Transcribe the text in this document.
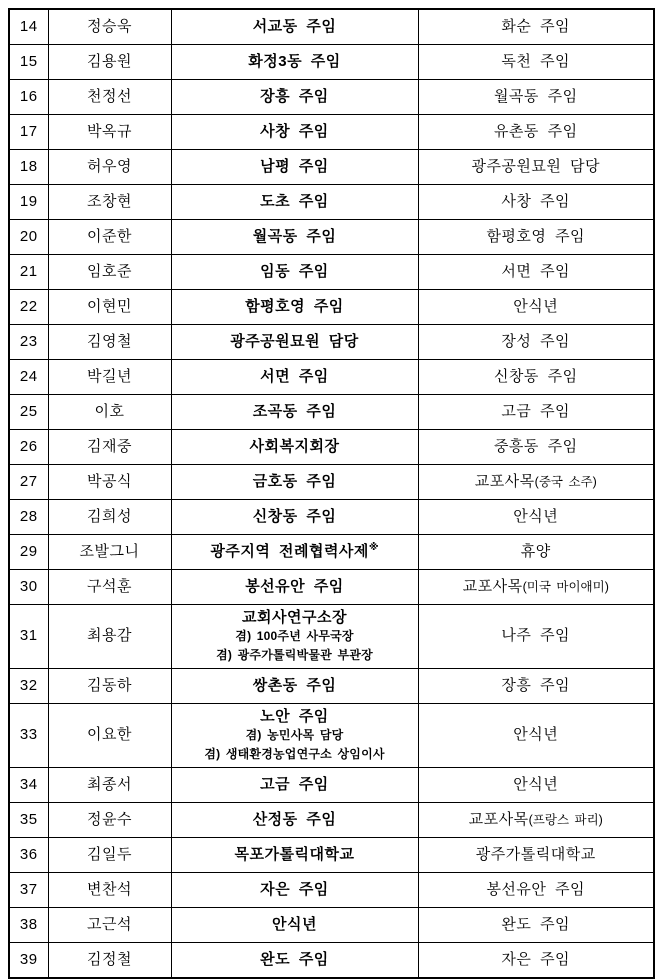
14	정승욱	서교동 주임	화순 주임
15	김용원	화정3동 주임	독천 주임
16	천정선	장흥 주임	월곡동 주임
17	박옥규	사창 주임	유촌동 주임
18	허우영	남평 주임	광주공원묘원 담당
19	조창현	도초 주임	사창 주임
20	이준한	월곡동 주임	함평호영 주임
21	임호준	임동 주임	서면 주임
22	이현민	함평호영 주임	안식년
23	김영철	광주공원묘원 담당	장성 주임
24	박길년	서면 주임	신창동 주임
25	이호	조곡동 주임	고금 주임
26	김재중	사회복지회장	중흥동 주임
27	박공식	금호동 주임	교포사목(중국 소주)
28	김희성	신창동 주임	안식년
29	조발그니	광주지역 전례협력사제※	휴양
30	구석훈	봉선유안 주임	교포사목(미국 마이애미)
31	최용감	교회사연구소장
겸) 100주년 사무국장
겸) 광주가톨릭박물관 부관장	나주 주임
32	김동하	쌍촌동 주임	장흥 주임
33	이요한	노안 주임
겸) 농민사목 담당
겸) 생태환경농업연구소 상임이사	안식년
34	최종서	고금 주임	안식년
35	정윤수	산정동 주임	교포사목(프랑스 파리)
36	김일두	목포가톨릭대학교	광주가톨릭대학교
37	변찬석	자은 주임	봉선유안 주임
38	고근석	안식년	완도 주임
39	김정철	완도 주임	자은 주임
